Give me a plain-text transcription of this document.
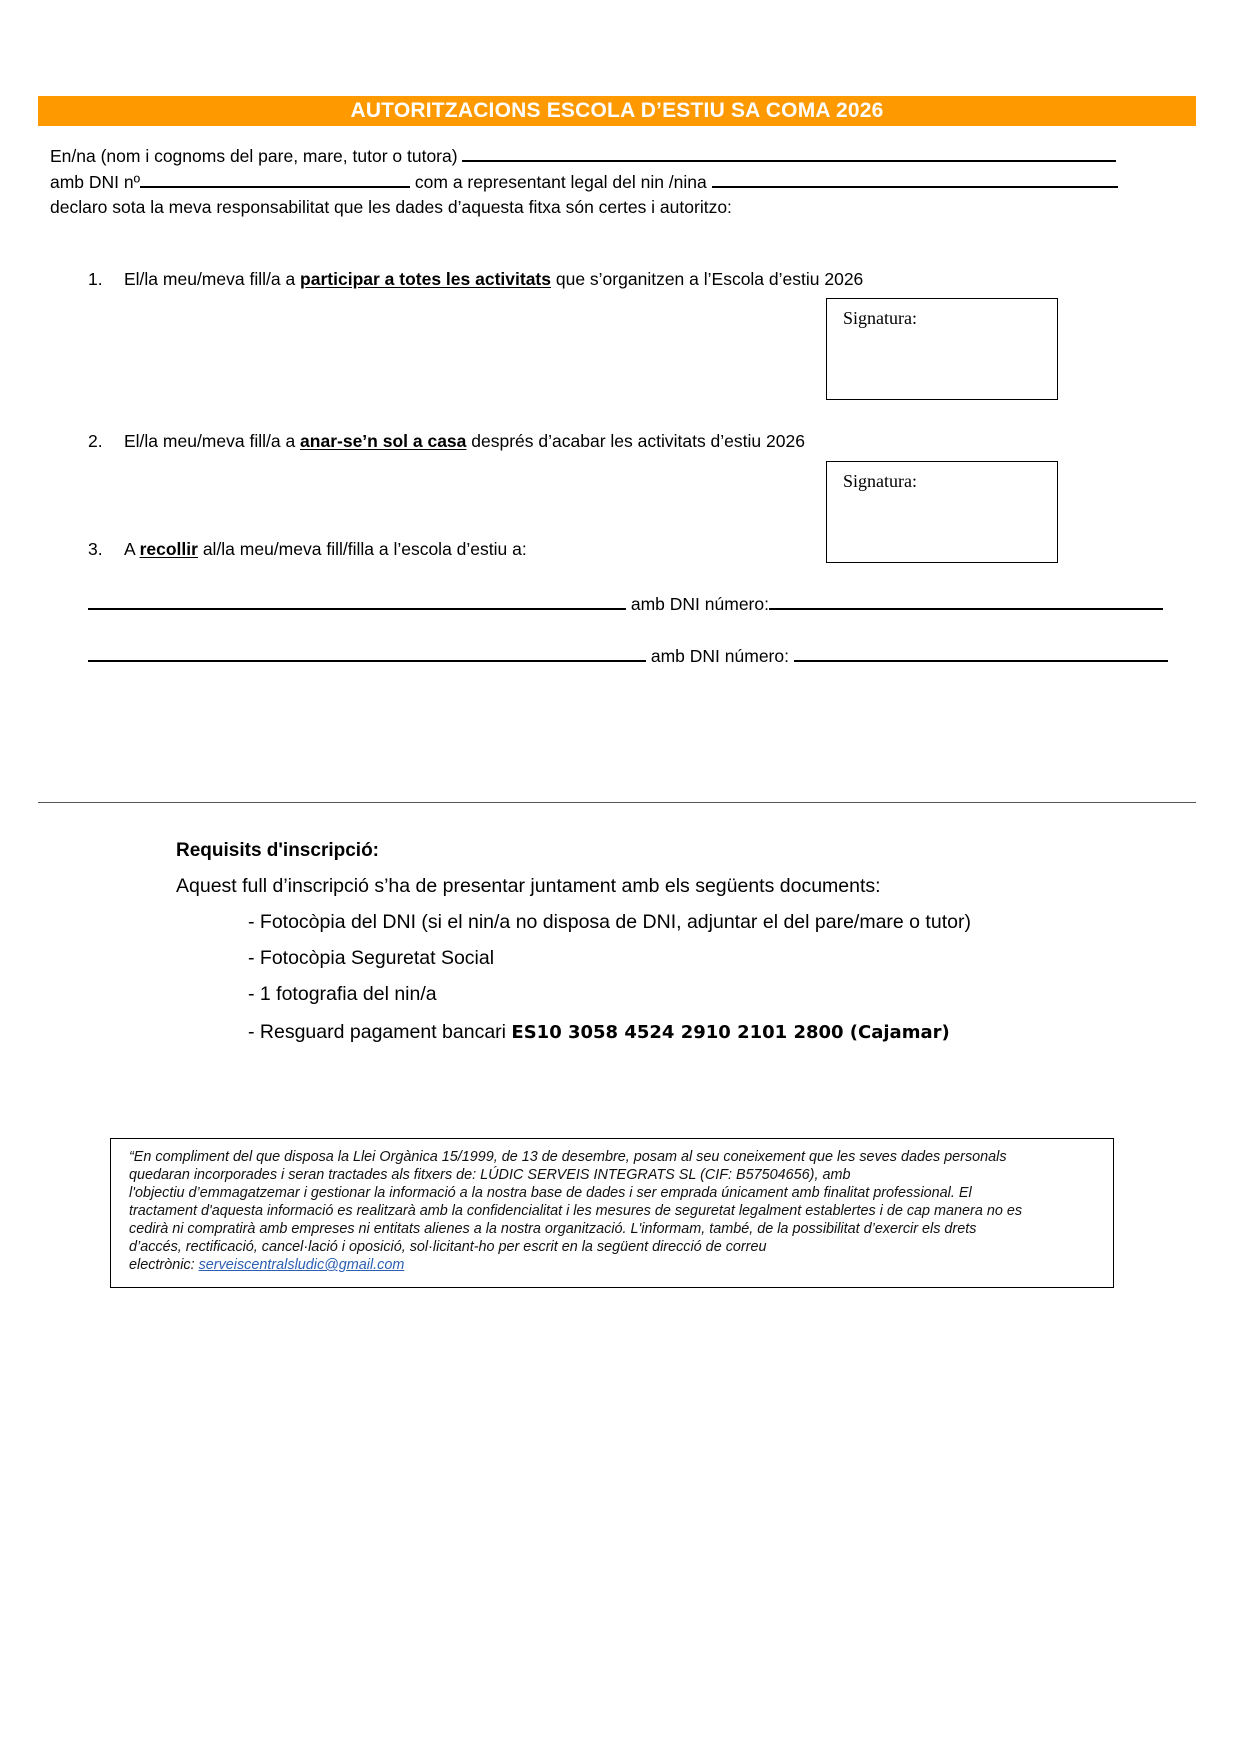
AUTORITZACIONS ESCOLA D’ESTIU SA COMA 2026
En/na (nom i cognoms del pare, mare, tutor o tutora)
amb DNI nº	com a representant legal del nin /nina
declaro sota la meva responsabilitat que les dades d’aquesta fitxa són certes i autoritzo:
1. El/la meu/meva fill/a a participar a totes les activitats que s’organitzen a l’Escola d’estiu 2026
Signatura:
2. El/la meu/meva fill/a a anar-se’n sol a casa després d’acabar les activitats d’estiu 2026
Signatura:
3. A recollir al/la meu/meva fill/filla a l’escola d’estiu a:
amb DNI número:
amb DNI número:
Requisits d'inscripció:
Aquest full d’inscripció s’ha de presentar juntament amb els següents documents:
- Fotocòpia del DNI (si el nin/a no disposa de DNI, adjuntar el del pare/mare o tutor)
- Fotocòpia Seguretat Social
- 1 fotografia del nin/a
- Resguard pagament bancari ES10 3058 4524 2910 2101 2800 (Cajamar)
“En compliment del que disposa la Llei Orgànica 15/1999, de 13 de desembre, posam al seu coneixement que les seves dades personals
quedaran incorporades i seran tractades als fitxers de: LÚDIC SERVEIS INTEGRATS SL (CIF: B57504656), amb
l'objectiu d’emmagatzemar i gestionar la informació a la nostra base de dades i ser emprada únicament amb finalitat professional. El
tractament d'aquesta informació es realitzarà amb la confidencialitat i les mesures de seguretat legalment establertes i de cap manera no es
cedirà ni compratirà amb empreses ni entitats alienes a la nostra organització. L'informam, també, de la possibilitat d’exercir els drets
d’accés, rectificació, cancel·lació i oposició, sol·licitant-ho per escrit en la següent direcció de correu
electrònic: serveiscentralsludic@gmail.com
